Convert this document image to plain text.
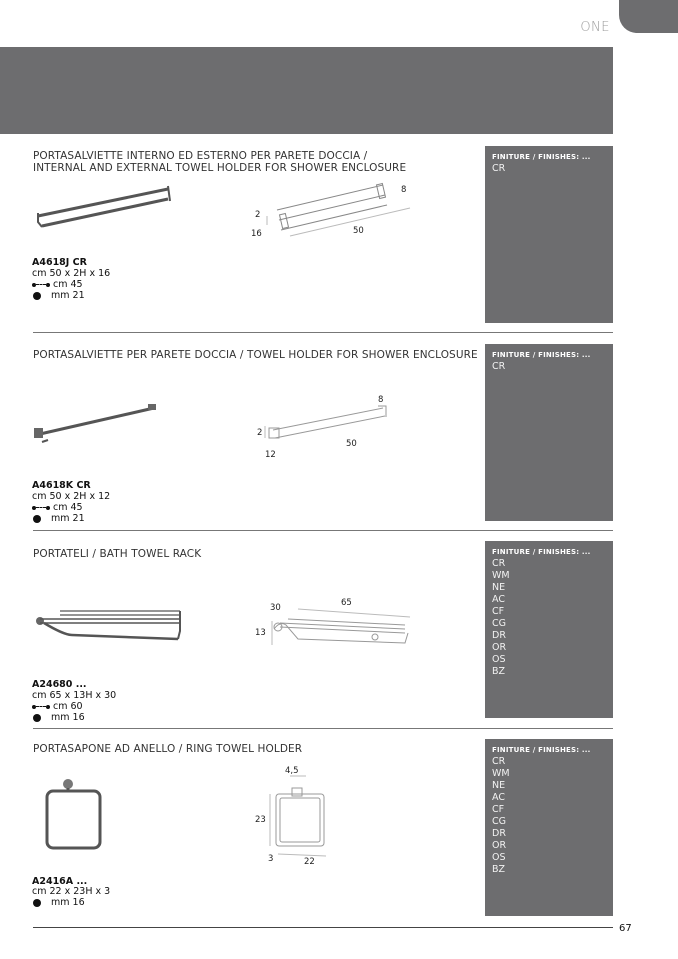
ONE
PORTASALVIETTE INTERNO ED ESTERNO PER PARETE DOCCIA /
INTERNAL AND EXTERNAL TOWEL HOLDER FOR SHOWER ENCLOSURE
FINITURE / FINISHES: ...
CR
2
8
16	50
A4618J CR
cm 50 x 2H x 16
cm 45
mm 21
PORTASALVIETTE PER PARETE DOCCIA / TOWEL HOLDER FOR SHOWER ENCLOSURE FINITURE / FINISHES: ...
CR
2
8
12
50
A4618K CR
cm 50 x 2H x 12
cm 45
mm 21
PORTATELI / BATH TOWEL RACK	FINITURE / FINISHES: ...
CR
WM
NE
AC
CF
CG
DR
OR
OS
BZ
30	65
13
A24680 ...
cm 65 x 13H x 30
cm 60
mm 16
PORTASAPONE AD ANELLO / RING TOWEL HOLDER	FINITURE / FINISHES: ...
CR
WM
NE
AC
CF
CG
DR
OR
OS
BZ
4,5
23
3	22
A2416A ...
cm 22 x 23H x 3
mm 16
67
